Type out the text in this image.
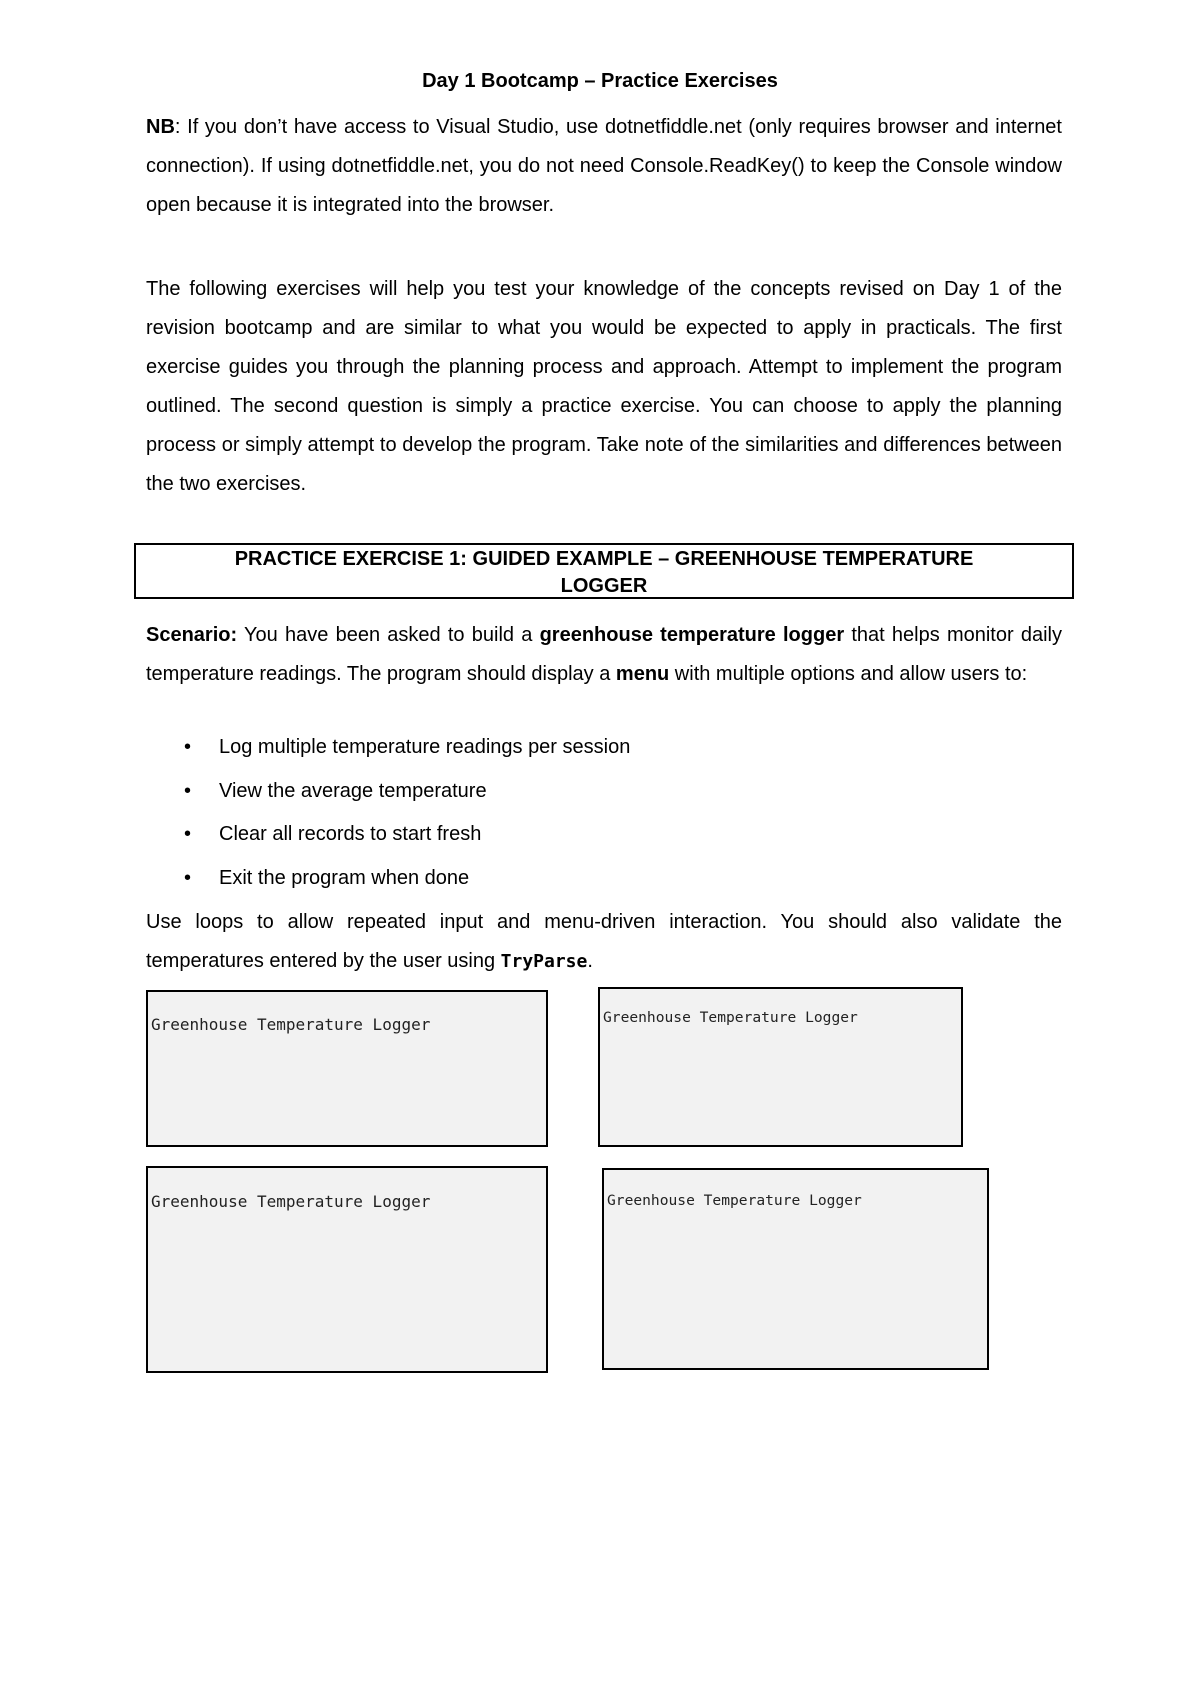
Day 1 Bootcamp – Practice Exercises

NB: If you don’t have access to Visual Studio, use dotnetfiddle.net (only requires browser and internet connection). If using dotnetfiddle.net, you do not need Console.ReadKey() to keep the Console window open because it is integrated into the browser.

The following exercises will help you test your knowledge of the concepts revised on Day 1 of the revision bootcamp and are similar to what you would be expected to apply in practicals. The first exercise guides you through the planning process and approach. Attempt to implement the program outlined. The second question is simply a practice exercise. You can choose to apply the planning process or simply attempt to develop the program. Take note of the similarities and differences between the two exercises.

PRACTICE EXERCISE 1: GUIDED EXAMPLE – GREENHOUSE TEMPERATURE
LOGGER

Scenario: You have been asked to build a greenhouse temperature logger that helps monitor daily temperature readings. The program should display a menu with multiple options and allow users to:

• Log multiple temperature readings per session
• View the average temperature
• Clear all records to start fresh
• Exit the program when done

Use loops to allow repeated input and menu-driven interaction. You should also validate the temperatures entered by the user using TryParse.

Greenhouse Temperature Logger

	Greenhouse Temperature Logger

Greenhouse Temperature Logger

	Greenhouse Temperature Logger
